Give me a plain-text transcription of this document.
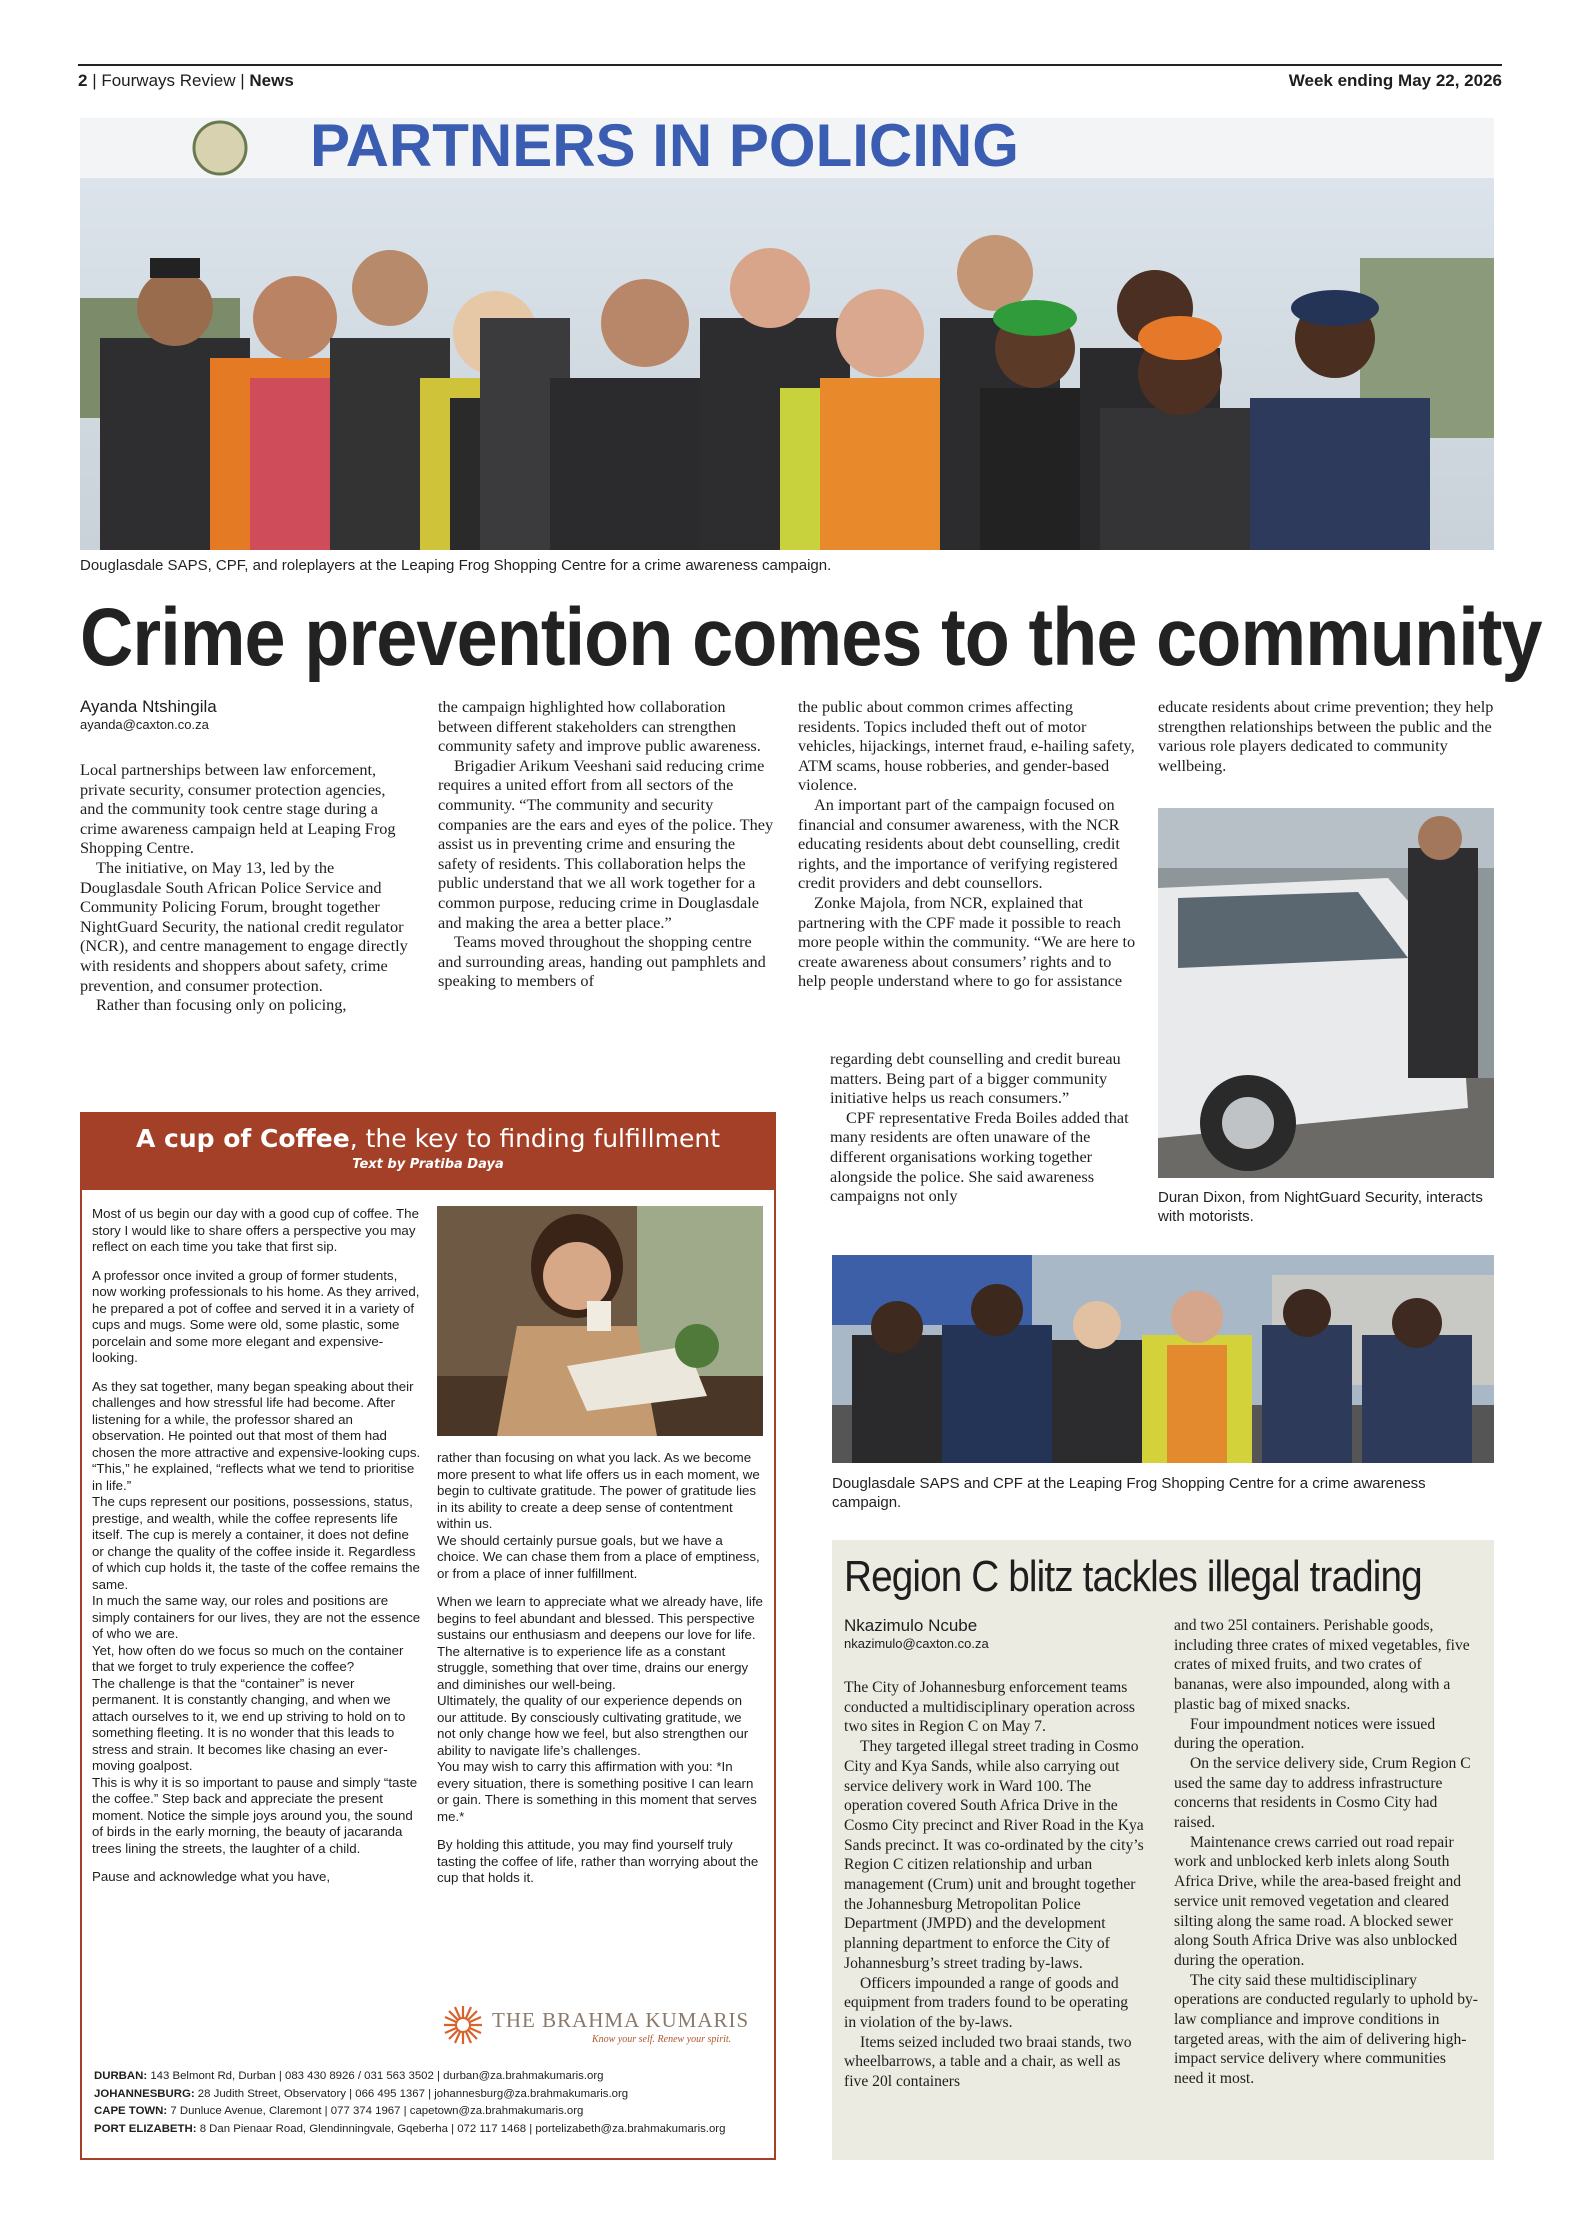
2 | Fourways Review | News	Week ending May 22, 2026
PARTNERS IN POLICING
Douglasdale SAPS, CPF, and roleplayers at the Leaping Frog Shopping Centre for a crime awareness campaign.
Crime prevention comes to the community
Ayanda Ntshingila
ayanda@caxton.co.za

Local partnerships between law enforcement, private security, consumer protection agencies, and the community took centre stage during a crime awareness campaign held at Leaping Frog Shopping Centre.

The initiative, on May 13, led by the Douglasdale South African Police Service and Community Policing Forum, brought together NightGuard Security, the national credit regulator (NCR), and centre management to engage directly with residents and shoppers about safety, crime prevention, and consumer protection.

Rather than focusing only on policing,

the campaign highlighted how collaboration between different stakeholders can strengthen community safety and improve public awareness.

Brigadier Arikum Veeshani said reducing crime requires a united effort from all sectors of the community. “The community and security companies are the ears and eyes of the police. They assist us in preventing crime and ensuring the safety of residents. This collaboration helps the public understand that we all work together for a common purpose, reducing crime in Douglasdale and making the area a better place.”

Teams moved throughout the shopping centre and surrounding areas, handing out pamphlets and speaking to members of

the public about common crimes affecting residents. Topics included theft out of motor vehicles, hijackings, internet fraud, e-hailing safety, ATM scams, house robberies, and gender-based violence.

An important part of the campaign focused on financial and consumer awareness, with the NCR educating residents about debt counselling, credit rights, and the importance of verifying registered credit providers and debt counsellors.

Zonke Majola, from NCR, explained that partnering with the CPF made it possible to reach more people within the community. “We are here to create awareness about consumers’ rights and to help people understand where to go for assistance

regarding debt counselling and credit bureau matters. Being part of a bigger community initiative helps us reach consumers.”

CPF representative Freda Boiles added that many residents are often unaware of the different organisations working together alongside the police. She said awareness campaigns not only

educate residents about crime prevention; they help strengthen relationships between the public and the various role players dedicated to community wellbeing.

Duran Dixon, from NightGuard Security, interacts with motorists.
Douglasdale SAPS and CPF at the Leaping Frog Shopping Centre for a crime awareness campaign.
A cup of Coffee, the key to finding fulfillment
Text by Pratiba Daya

Most of us begin our day with a good cup of coffee. The story I would like to share offers a perspective you may reflect on each time you take that first sip.

A professor once invited a group of former students, now working professionals to his home. As they arrived, he prepared a pot of coffee and served it in a variety of cups and mugs. Some were old, some plastic, some porcelain and some more elegant and expensive-looking.

As they sat together, many began speaking about their challenges and how stressful life had become. After listening for a while, the professor shared an observation. He pointed out that most of them had chosen the more attractive and expensive-looking cups. “This,” he explained, “reflects what we tend to prioritise in life.”

The cups represent our positions, possessions, status, prestige, and wealth, while the coffee represents life itself. The cup is merely a container, it does not define or change the quality of the coffee inside it. Regardless of which cup holds it, the taste of the coffee remains the same.

In much the same way, our roles and positions are simply containers for our lives, they are not the essence of who we are.

Yet, how often do we focus so much on the container that we forget to truly experience the coffee?

The challenge is that the “container” is never permanent. It is constantly changing, and when we attach ourselves to it, we end up striving to hold on to something fleeting. It is no wonder that this leads to stress and strain. It becomes like chasing an ever-moving goalpost.

This is why it is so important to pause and simply “taste the coffee.” Step back and appreciate the present moment. Notice the simple joys around you, the sound of birds in the early morning, the beauty of jacaranda trees lining the streets, the laughter of a child.

Pause and acknowledge what you have,

rather than focusing on what you lack. As we become more present to what life offers us in each moment, we begin to cultivate gratitude. The power of gratitude lies in its ability to create a deep sense of contentment within us.

We should certainly pursue goals, but we have a choice. We can chase them from a place of emptiness, or from a place of inner fulfillment.

When we learn to appreciate what we already have, life begins to feel abundant and blessed. This perspective sustains our enthusiasm and deepens our love for life. The alternative is to experience life as a constant struggle, something that over time, drains our energy and diminishes our well-being.

Ultimately, the quality of our experience depends on our attitude. By consciously cultivating gratitude, we not only change how we feel, but also strengthen our ability to navigate life’s challenges.

You may wish to carry this affirmation with you: *In every situation, there is something positive I can learn or gain. There is something in this moment that serves me.*

By holding this attitude, you may find yourself truly tasting the coffee of life, rather than worrying about the cup that holds it.

THE BRAHMA KUMARIS
Know your self. Renew your spirit.
DURBAN: 143 Belmont Rd, Durban | 083 430 8926 / 031 563 3502 | durban@za.brahmakumaris.org
JOHANNESBURG: 28 Judith Street, Observatory | 066 495 1367 | johannesburg@za.brahmakumaris.org
CAPE TOWN: 7 Dunluce Avenue, Claremont | 077 374 1967 | capetown@za.brahmakumaris.org
PORT ELIZABETH: 8 Dan Pienaar Road, Glendinningvale, Gqeberha | 072 117 1468 | portelizabeth@za.brahmakumaris.org
Region C blitz tackles illegal trading
Nkazimulo Ncube
nkazimulo@caxton.co.za

The City of Johannesburg enforcement teams conducted a multidisciplinary operation across two sites in Region C on May 7.

They targeted illegal street trading in Cosmo City and Kya Sands, while also carrying out service delivery work in Ward 100. The operation covered South Africa Drive in the Cosmo City precinct and River Road in the Kya Sands precinct. It was co-ordinated by the city’s Region C citizen relationship and urban management (Crum) unit and brought together the Johannesburg Metropolitan Police Department (JMPD) and the development planning department to enforce the City of Johannesburg’s street trading by-laws.

Officers impounded a range of goods and equipment from traders found to be operating in violation of the by-laws.

Items seized included two braai stands, two wheelbarrows, a table and a chair, as well as five 20l containers

and two 25l containers. Perishable goods, including three crates of mixed vegetables, five crates of mixed fruits, and two crates of bananas, were also impounded, along with a plastic bag of mixed snacks.

Four impoundment notices were issued during the operation.

On the service delivery side, Crum Region C used the same day to address infrastructure concerns that residents in Cosmo City had raised.

Maintenance crews carried out road repair work and unblocked kerb inlets along South Africa Drive, while the area-based freight and service unit removed vegetation and cleared silting along the same road. A blocked sewer along South Africa Drive was also unblocked during the operation.

The city said these multidisciplinary operations are conducted regularly to uphold by-law compliance and improve conditions in targeted areas, with the aim of delivering high-impact service delivery where communities need it most.
